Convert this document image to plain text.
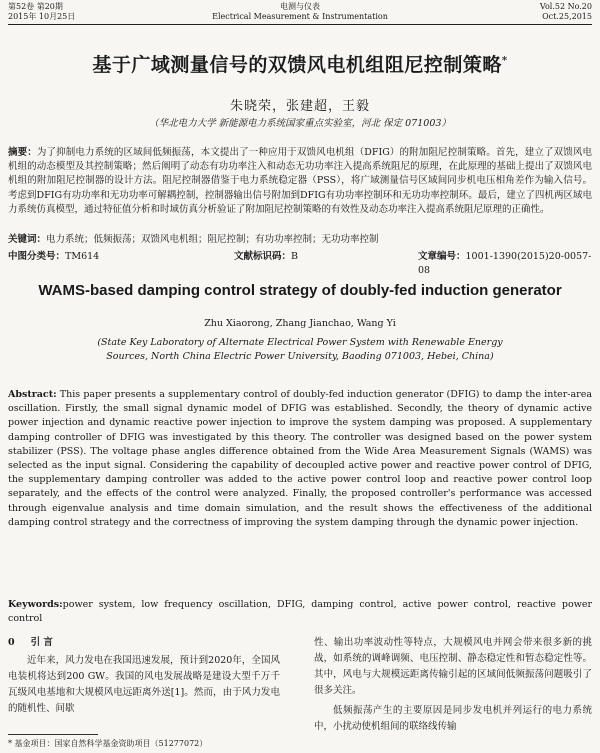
第52卷 第20期
2015年 10月25日
电测与仪表
Electrical Measurement & Instrumentation
Vol.52 No.20
Oct.25,2015
基于广域测量信号的双馈风电机组阻尼控制策略*
朱晓荣，张建超，王毅
（华北电力大学 新能源电力系统国家重点实验室，河北 保定 071003）
摘要：为了抑制电力系统的区域间低频振荡，本文提出了一种应用于双馈风电机组（DFIG）的附加阻尼控制策略。首先，建立了双馈风电机组的动态模型及其控制策略；然后阐明了动态有功功率注入和动态无功功率注入提高系统阻尼的原理，在此原理的基础上提出了双馈风电机组的附加阻尼控制器的设计方法。阻尼控制器借鉴于电力系统稳定器（PSS），将广域测量信号区域间同步机电压相角差作为输入信号。考虑到DFIG有功功率和无功功率可解耦控制，控制器输出信号附加到DFIG有功功率控制环和无功功率控制环。最后，建立了四机两区域电力系统仿真模型，通过特征值分析和时域仿真分析验证了附加阻尼控制策略的有效性及动态功率注入提高系统阻尼原理的正确性。
关键词：电力系统；低频振荡；双馈风电机组；阻尼控制；有功功率控制；无功功率控制
中图分类号：TM614	文献标识码：B	文章编号：1001-1390(2015)20-0057-08
WAMS-based damping control strategy of doubly-fed induction generator
Zhu Xiaorong, Zhang Jianchao, Wang Yi
(State Key Laboratory of Alternate Electrical Power System with Renewable Energy
Sources, North China Electric Power University, Baoding 071003, Hebei, China)
Abstract: This paper presents a supplementary control of doubly-fed induction generator (DFIG) to damp the inter-area oscillation. Firstly, the small signal dynamic model of DFIG was established. Secondly, the theory of dynamic active power injection and dynamic reactive power injection to improve the system damping was proposed. A supplementary damping controller of DFIG was investigated by this theory. The controller was designed based on the power system stabilizer (PSS). The voltage phase angles difference obtained from the Wide Area Measurement Signals (WAMS) was selected as the input signal. Considering the capability of decoupled active power and reactive power control of DFIG, the supplementary damping controller was added to the active power control loop and reactive power control loop separately, and the effects of the control were analyzed. Finally, the proposed controller's performance was accessed through eigenvalue analysis and time domain simulation, and the result shows the effectiveness of the additional damping control strategy and the correctness of improving the system damping through the dynamic power injection.
Keywords:power system, low frequency oscillation, DFIG, damping control, active power control, reactive power control
0 引 言

近年来，风力发电在我国迅速发展，预计到2020年，全国风电装机将达到200 GW。我国的风电发展战略是建设大型千万千瓦级风电基地和大规模风电远距离外送[1]。然而，由于风力发电的随机性、间歇

性、输出功率波动性等特点，大规模风电并网会带来很多新的挑战，如系统的调峰调频、电压控制、静态稳定性和暂态稳定性等。其中，风电与大规模远距离传输引起的区域间低频振荡问题吸引了很多关注。

低频振荡产生的主要原因是同步发电机并列运行的电力系统中，小扰动使机组间的联络线传输

* 基金项目：国家自然科学基金资助项目（51277072）
